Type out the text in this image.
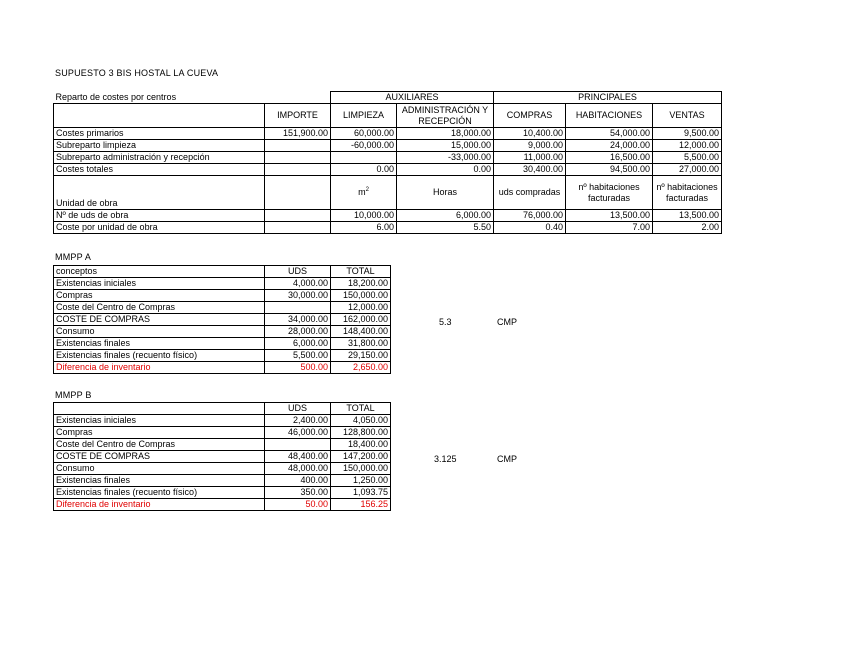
SUPUESTO 3 BIS HOSTAL LA CUEVA
Reparto de costes por centros		AUXILIARES		PRINCIPALES		
	IMPORTE	LIMPIEZA	ADMINISTRACIÓN Y RECEPCIÓN	COMPRAS	HABITACIONES	VENTAS
Costes primarios	151,900.00	60,000.00	18,000.00	10,400.00	54,000.00	9,500.00
Subreparto limpieza		-60,000.00	15,000.00	9,000.00	24,000.00	12,000.00
Subreparto administración y recepción			-33,000.00	11,000.00	16,500.00	5,500.00
Costes totales		0.00	0.00	30,400.00	94,500.00	27,000.00
Unidad de obra		$m^2$	Horas	uds compradas	nº habitaciones facturadas	nº habitaciones facturadas
Nº de uds de obra		10,000.00	6,000.00	76,000.00	13,500.00	13,500.00
Coste por unidad de obra		6.00	5.50	0.40	7.00	2.00
MMPP A
conceptos	UDS	TOTAL
Existencias iniciales	4,000.00	18,200.00
Compras	30,000.00	150,000.00
Coste del Centro de Compras		12,000.00
COSTE DE COMPRAS	34,000.00	162,000.00
Consumo	28,000.00	148,400.00
Existencias finales	6,000.00	31,800.00
Existencias finales (recuento físico)	5,500.00	29,150.00
Diferencia de inventario	500.00	2,650.00
5.3	CMP
MMPP B
	UDS	TOTAL
Existencias iniciales	2,400.00	4,050.00
Compras	46,000.00	128,800.00
Coste del Centro de Compras		18,400.00
COSTE DE COMPRAS	48,400.00	147,200.00
Consumo	48,000.00	150,000.00
Existencias finales	400.00	1,250.00
Existencias finales (recuento físico)	350.00	1,093.75
Diferencia de inventario	50.00	156.25
3.125	CMP
